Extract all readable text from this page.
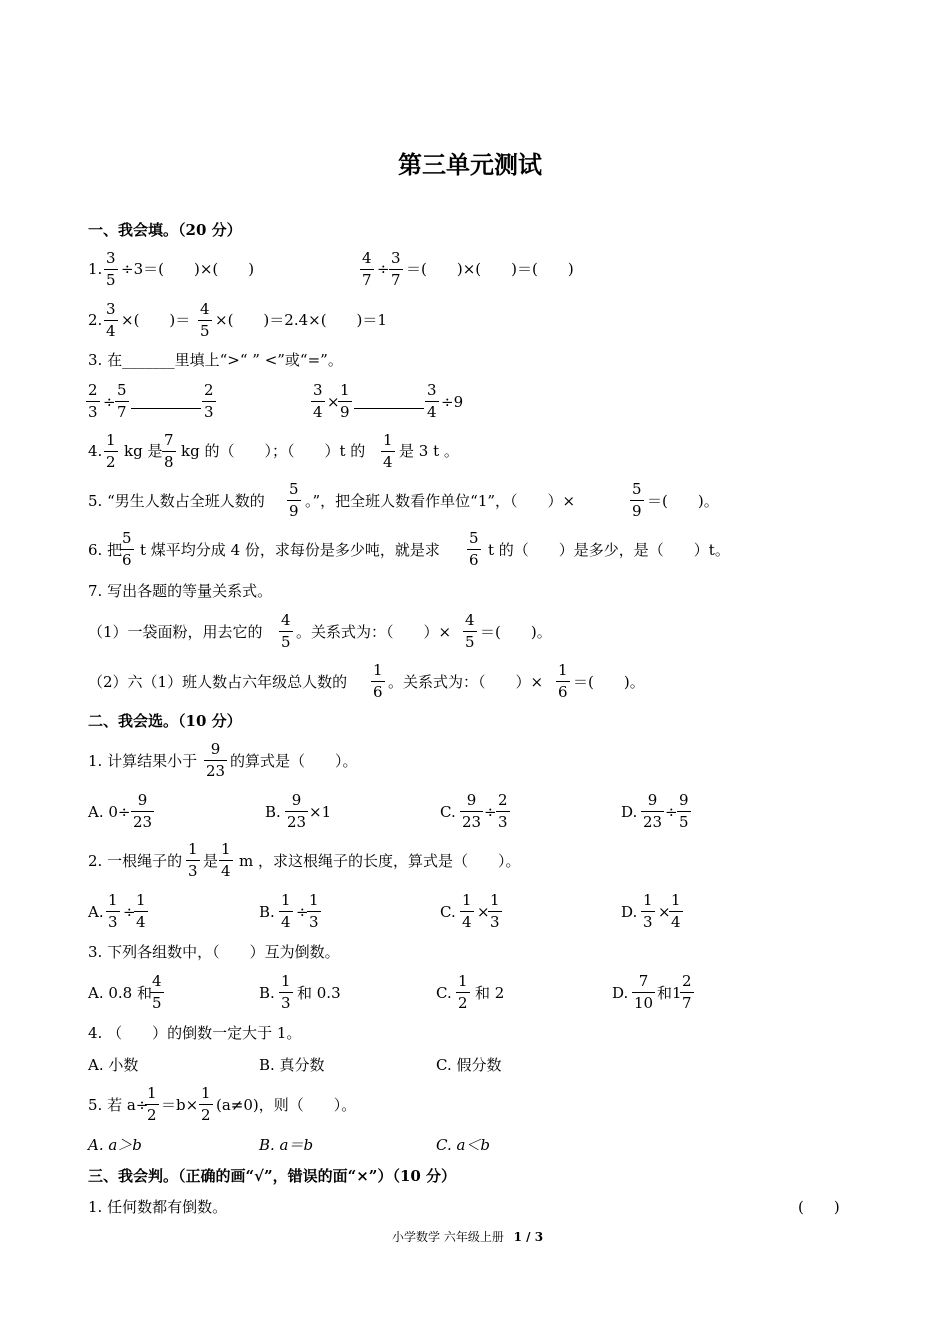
第三单元测试
一、我会填。（20 分）
1.
3
5
÷3＝(　　)×(　　)
4
7
÷
3
7
＝(　　)×(　　)＝(　　)
2.
3
4
×(　　)＝
4
5
×(　　)＝2.4×(　　)＝1
3. 在_______里填上“>“ ” <”或“=”。
2
3
÷
5
7
2
3
3
4
×
1
9
3
4
÷9
4.
1
2
kg 是
7
8
kg 的（　　）；（　　）t 的
1
4
是 3 t 。
5. “男生人数占全班人数的
5
9
。”，把全班人数看作单位“1”，（　　）×
5
9
＝(　　)。
6. 把
5
6
t 煤平均分成 4 份，求每份是多少吨，就是求
5
6
t 的（　　）是多少，是（　　）t。
7. 写出各题的等量关系式。
（1）一袋面粉，用去它的
4
5
。关系式为：（　　）×
4
5
＝(　　)。
（2）六（1）班人数占六年级总人数的
1
6
。关系式为：（　　）×
1
6
＝(　　)。
二、我会选。（10 分）
1. 计算结果小于
9
23
的算式是（　　）。
A. 0÷
9
23
B.
9
23
×1	C.
9
23
÷
2
3
D.
9
23
÷
9
5
2. 一根绳子的
1
3
是
1
4
m ，求这根绳子的长度，算式是（　　）。
A.
1
3
÷
1
4
B.
1
4
÷
1
3
C.
1
4
×
1
3
D.
1
3
×
1
4
3. 下列各组数中，（　　）互为倒数。
A. 0.8 和
4
5
B.
1
3
和 0.3	C.
1
2
和 2	D.
7
10
和1
2
7
4. （　　）的倒数一定大于 1。
A. 小数	B. 真分数	C. 假分数
5. 若 a÷
1
2
＝b×
1
2
(a≠0)，则（　　）。
A. a＞b	B. a＝b	C. a＜b
三、我会判。（正确的画“√”，错误的面“×”）（10 分）
1. 任何数都有倒数。	(　　)
小学数学 六年级上册 1 / 3
